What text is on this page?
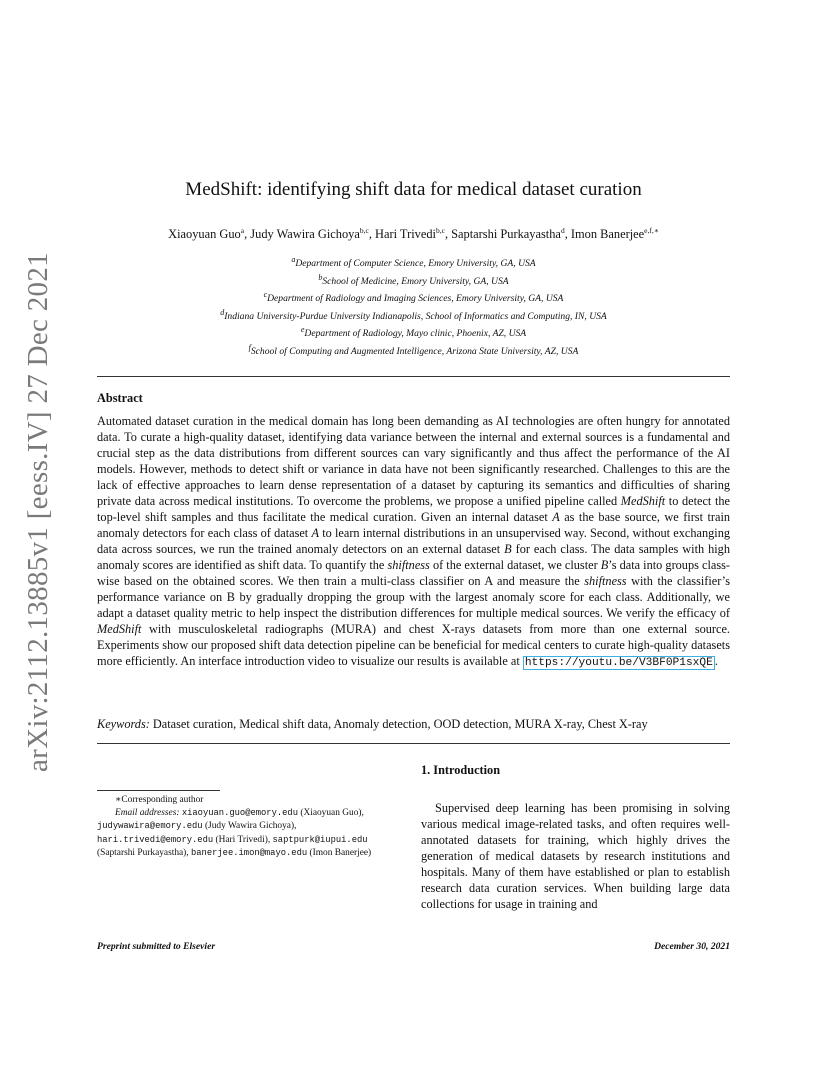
arXiv:2112.13885v1 [eess.IV] 27 Dec 2021
MedShift: identifying shift data for medical dataset curation
Xiaoyuan Guo$^a$, Judy Wawira Gichoya$^{b,c}$, Hari Trivedi$^{b,c}$, Saptarshi Purkayastha$^d$, Imon Banerjee$^{e,f,∗}$
$^a$Department of Computer Science, Emory University, GA, USA
$^b$School of Medicine, Emory University, GA, USA
$^c$Department of Radiology and Imaging Sciences, Emory University, GA, USA
$^d$Indiana University-Purdue University Indianapolis, School of Informatics and Computing, IN, USA
$^e$Department of Radiology, Mayo clinic, Phoenix, AZ, USA
$^f$School of Computing and Augmented Intelligence, Arizona State University, AZ, USA
Abstract
Automated dataset curation in the medical domain has long been demanding as AI technologies are often hungry for annotated data. To curate a high-quality dataset, identifying data variance between the internal and external sources is a fundamental and crucial step as the data distributions from different sources can vary significantly and thus affect the performance of the AI models. However, methods to detect shift or variance in data have not been significantly researched. Challenges to this are the lack of effective approaches to learn dense representation of a dataset by capturing its semantics and difficulties of sharing private data across medical institutions. To overcome the problems, we propose a unified pipeline called MedShift to detect the top-level shift samples and thus facilitate the medical curation. Given an internal dataset A as the base source, we first train anomaly detectors for each class of dataset A to learn internal distributions in an unsupervised way. Second, without exchanging data across sources, we run the trained anomaly detectors on an external dataset B for each class. The data samples with high anomaly scores are identified as shift data. To quantify the shiftness of the external dataset, we cluster B’s data into groups class-wise based on the obtained scores. We then train a multi-class classifier on A and measure the shiftness with the classifier’s performance variance on B by gradually dropping the group with the largest anomaly score for each class. Additionally, we adapt a dataset quality metric to help inspect the distribution differences for multiple medical sources. We verify the efficacy of MedShift with musculoskeletal radiographs (MURA) and chest X-rays datasets from more than one external source. Experiments show our proposed shift data detection pipeline can be beneficial for medical centers to curate high-quality datasets more efficiently. An interface introduction video to visualize our results is available at https://youtu.be/V3BF0P1sxQE .
Keywords: Dataset curation, Medical shift data, Anomaly detection, OOD detection, MURA X-ray, Chest X-ray
1. Introduction
∗Corresponding author
Email addresses: xiaoyuan.guo@emory.edu (Xiaoyuan Guo),
judywawira@emory.edu (Judy Wawira Gichoya),
hari.trivedi@emory.edu (Hari Trivedi), saptpurk@iupui.edu
(Saptarshi Purkayastha), banerjee.imon@mayo.edu (Imon Banerjee)
Supervised deep learning has been promising in solving various medical image-related tasks, and often requires well-annotated datasets for training, which highly drives the generation of medical datasets by research institutions and hospitals. Many of them have established or plan to establish research data curation services. When building large data collections for usage in training and
Preprint submitted to Elsevier	December 30, 2021
